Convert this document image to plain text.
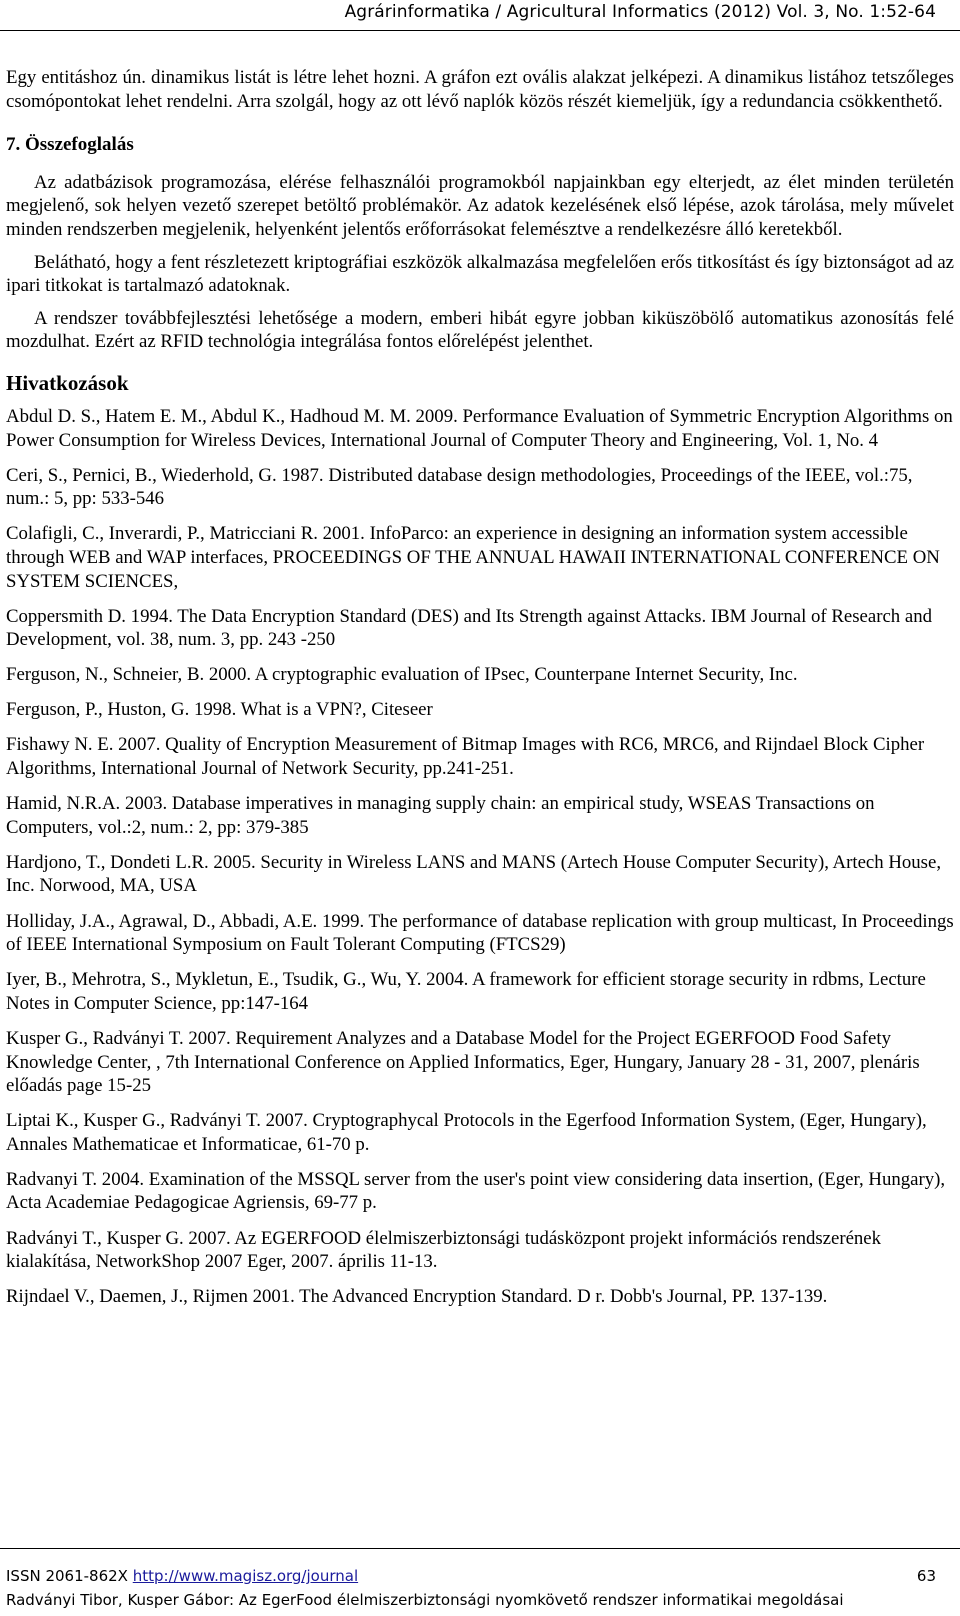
Agrárinformatika / Agricultural Informatics (2012) Vol. 3, No. 1:52-64

Egy entitáshoz ún. dinamikus listát is létre lehet hozni. A gráfon ezt ovális alakzat jelképezi. A dinamikus listához tetszőleges csomópontokat lehet rendelni. Arra szolgál, hogy az ott lévő naplók közös részét kiemeljük, így a redundancia csökkenthető.

7. Összefoglalás

Az adatbázisok programozása, elérése felhasználói programokból napjainkban egy elterjedt, az élet minden területén megjelenő, sok helyen vezető szerepet betöltő problémakör. Az adatok kezelésének első lépése, azok tárolása, mely művelet minden rendszerben megjelenik, helyenként jelentős erőforrásokat felemésztve a rendelkezésre álló keretekből.

Belátható, hogy a fent részletezett kriptográfiai eszközök alkalmazása megfelelően erős titkosítást és így biztonságot ad az ipari titkokat is tartalmazó adatoknak.

A rendszer továbbfejlesztési lehetősége a modern, emberi hibát egyre jobban kiküszöbölő automatikus azonosítás felé mozdulhat. Ezért az RFID technológia integrálása fontos előrelépést jelenthet.

Hivatkozások

Abdul D. S., Hatem E. M., Abdul K., Hadhoud M. M. 2009. Performance Evaluation of Symmetric Encryption Algorithms on Power Consumption for Wireless Devices, International Journal of Computer Theory and Engineering, Vol. 1, No. 4

Ceri, S., Pernici, B., Wiederhold, G. 1987. Distributed database design methodologies, Proceedings of the IEEE, vol.:75, num.: 5, pp: 533-546

Colafigli, C., Inverardi, P., Matricciani R. 2001. InfoParco: an experience in designing an information system accessible through WEB and WAP interfaces, PROCEEDINGS OF THE ANNUAL HAWAII INTERNATIONAL CONFERENCE ON SYSTEM SCIENCES,

Coppersmith D. 1994. The Data Encryption Standard (DES) and Its Strength against Attacks. IBM Journal of Research and Development, vol. 38, num. 3, pp. 243 -250

Ferguson, N., Schneier, B. 2000. A cryptographic evaluation of IPsec, Counterpane Internet Security, Inc.

Ferguson, P., Huston, G. 1998. What is a VPN?, Citeseer

Fishawy N. E. 2007. Quality of Encryption Measurement of Bitmap Images with RC6, MRC6, and Rijndael Block Cipher Algorithms, International Journal of Network Security, pp.241-251.

Hamid, N.R.A. 2003. Database imperatives in managing supply chain: an empirical study, WSEAS Transactions on Computers, vol.:2, num.: 2, pp: 379-385

Hardjono, T., Dondeti L.R. 2005. Security in Wireless LANS and MANS (Artech House Computer Security), Artech House, Inc. Norwood, MA, USA

Holliday, J.A., Agrawal, D., Abbadi, A.E. 1999. The performance of database replication with group multicast, In Proceedings of IEEE International Symposium on Fault Tolerant Computing (FTCS29)

Iyer, B., Mehrotra, S., Mykletun, E., Tsudik, G., Wu, Y. 2004. A framework for efficient storage security in rdbms, Lecture Notes in Computer Science, pp:147-164

Kusper G., Radványi T. 2007. Requirement Analyzes and a Database Model for the Project EGERFOOD Food Safety Knowledge Center, , 7th International Conference on Applied Informatics, Eger, Hungary, January 28 - 31, 2007, plenáris előadás page 15-25

Liptai K., Kusper G., Radványi T. 2007. Cryptographycal Protocols in the Egerfood Information System, (Eger, Hungary), Annales Mathematicae et Informaticae, 61-70 p.

Radvanyi T. 2004. Examination of the MSSQL server from the user's point view considering data insertion, (Eger, Hungary), Acta Academiae Pedagogicae Agriensis, 69-77 p.

Radványi T., Kusper G. 2007. Az EGERFOOD élelmiszerbiztonsági tudásközpont projekt információs rendszerének kialakítása, NetworkShop 2007 Eger, 2007. április 11-13.

Rijndael V., Daemen, J., Rijmen 2001. The Advanced Encryption Standard. D r. Dobb's Journal, PP. 137-139.

ISSN 2061-862X http://www.magisz.org/journal	63
Radványi Tibor, Kusper Gábor: Az EgerFood élelmiszerbiztonsági nyomkövető rendszer informatikai megoldásai
